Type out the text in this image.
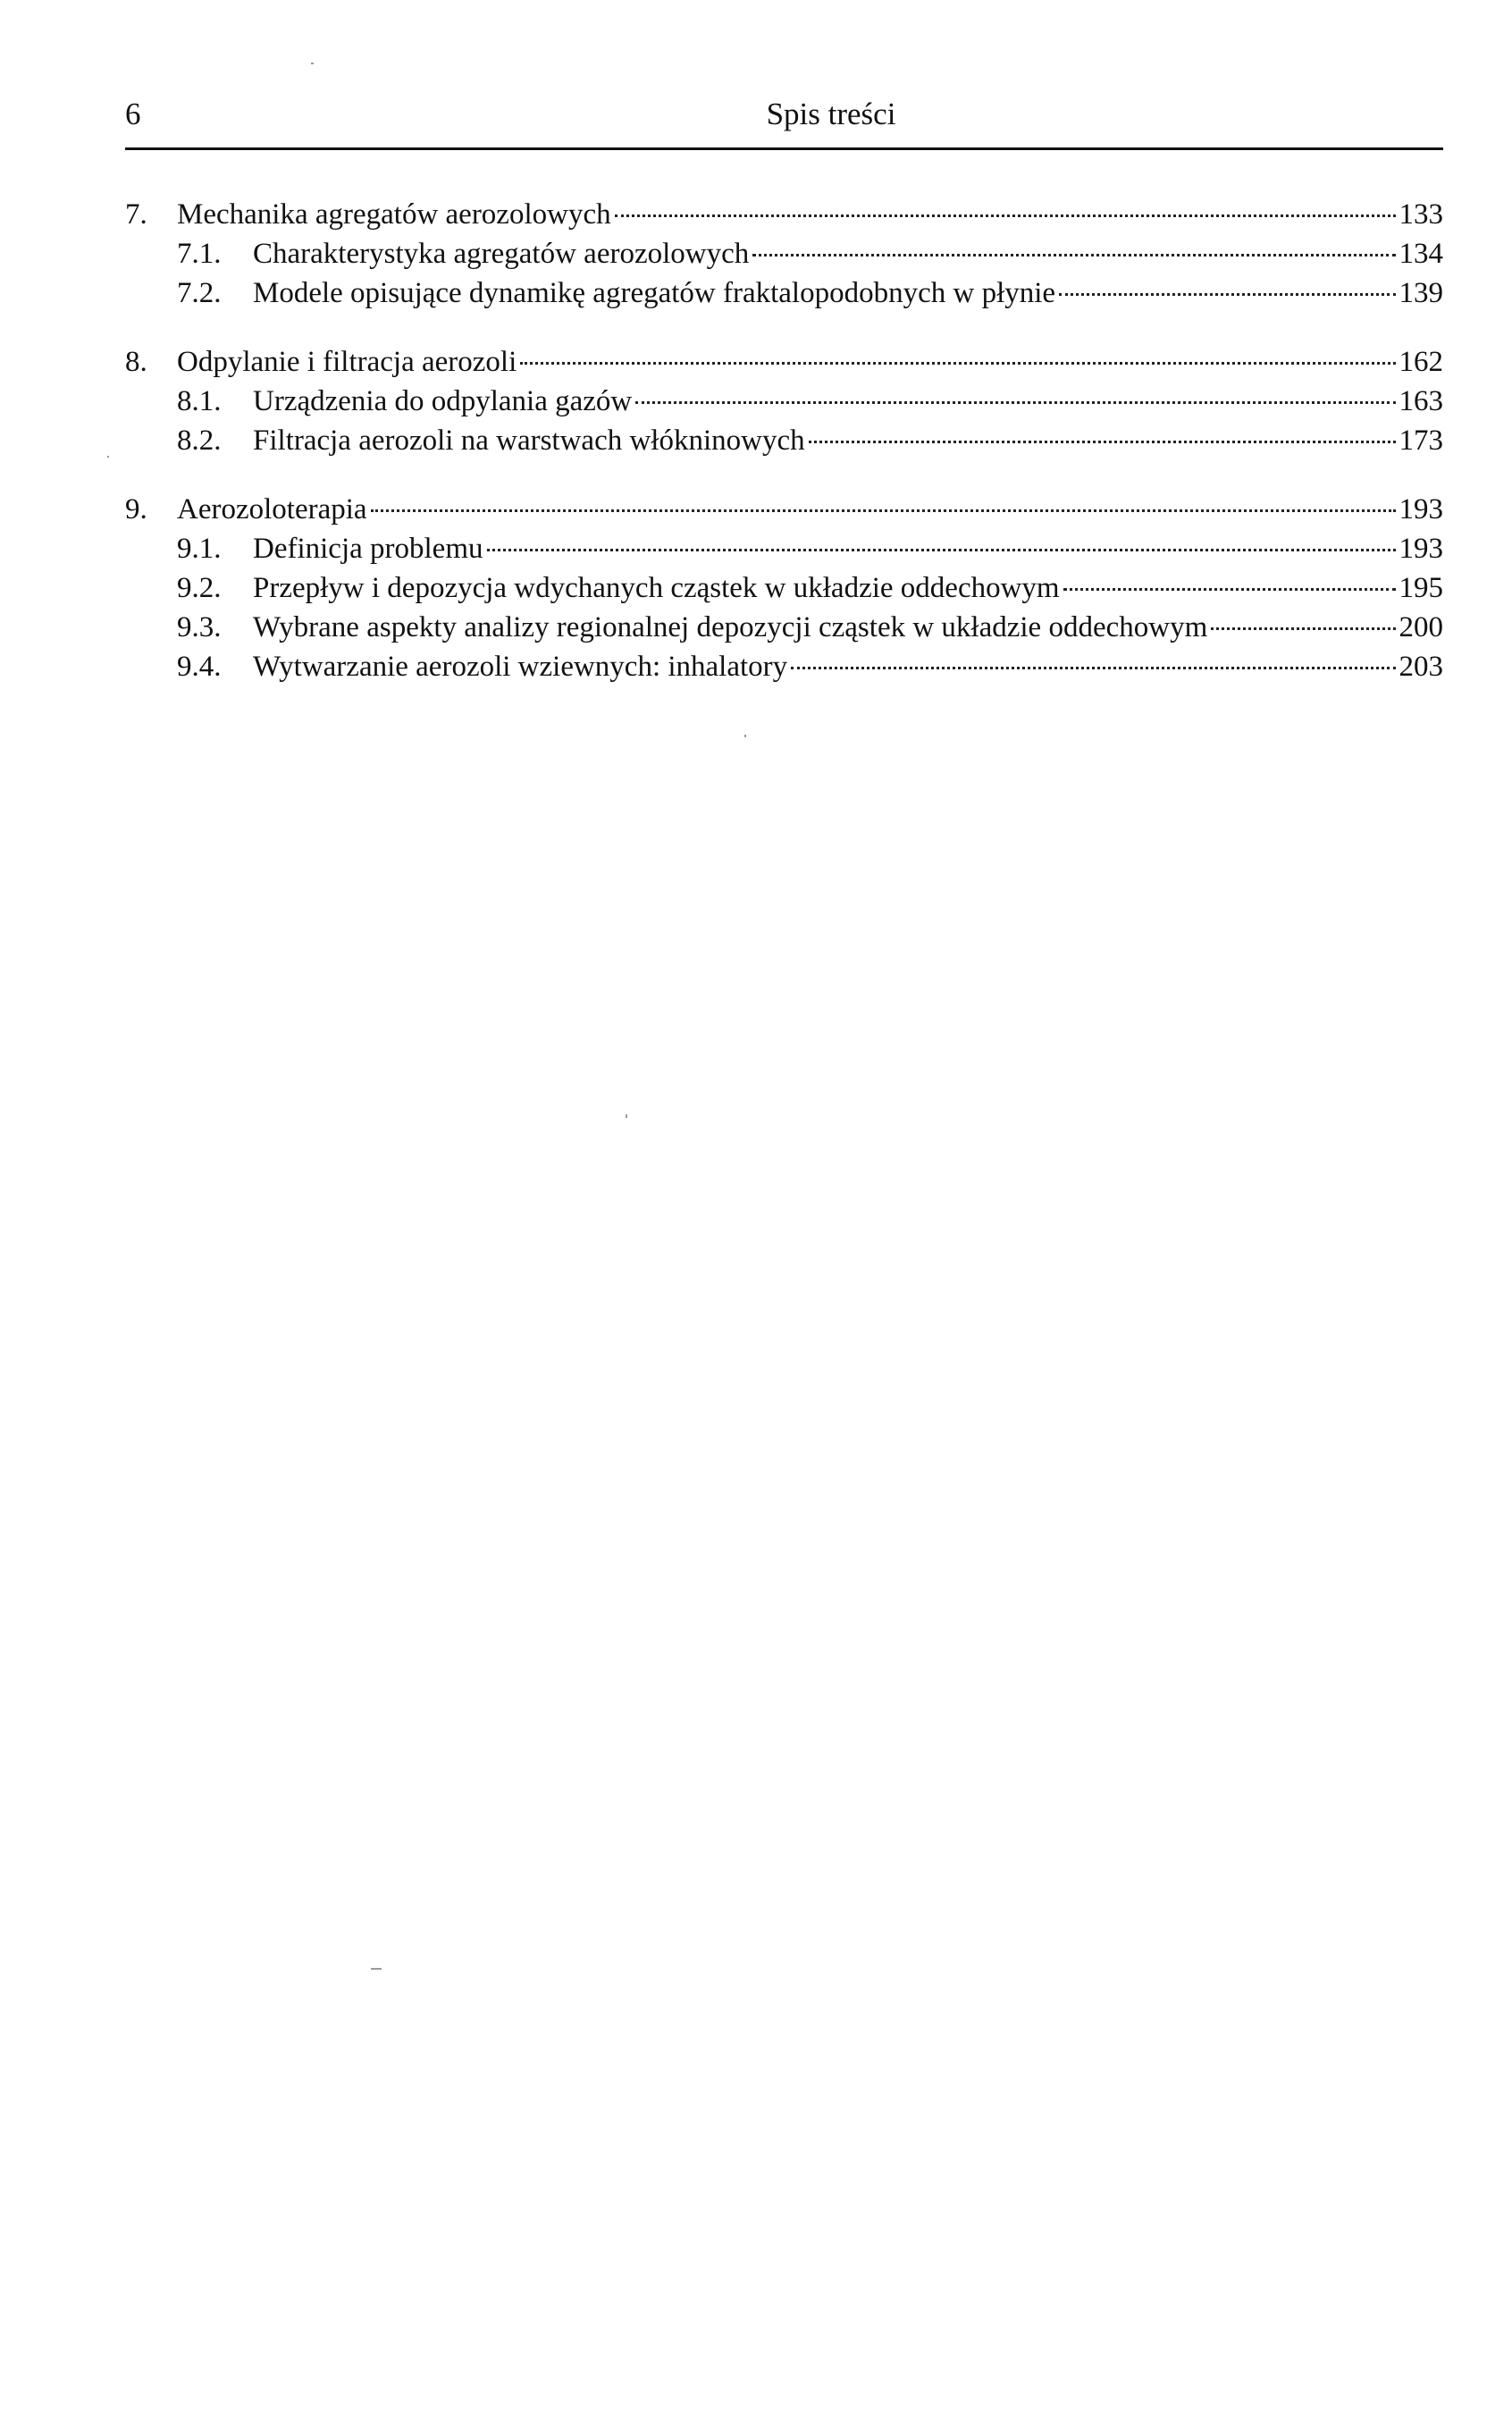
6	Spis treści
7.	Mechanika agregatów aerozolowych	133
7.1.	Charakterystyka agregatów aerozolowych	134
7.2.	Modele opisujące dynamikę agregatów fraktalopodobnych w płynie	139
8.	Odpylanie i filtracja aerozoli	162
8.1.	Urządzenia do odpylania gazów	163
8.2.	Filtracja aerozoli na warstwach włókninowych	173
9.	Aerozoloterapia	193
9.1.	Definicja problemu	193
9.2.	Przepływ i depozycja wdychanych cząstek w układzie oddechowym	195
9.3.	Wybrane aspekty analizy regionalnej depozycji cząstek w układzie oddechowym	200
9.4.	Wytwarzanie aerozoli wziewnych: inhalatory	203
